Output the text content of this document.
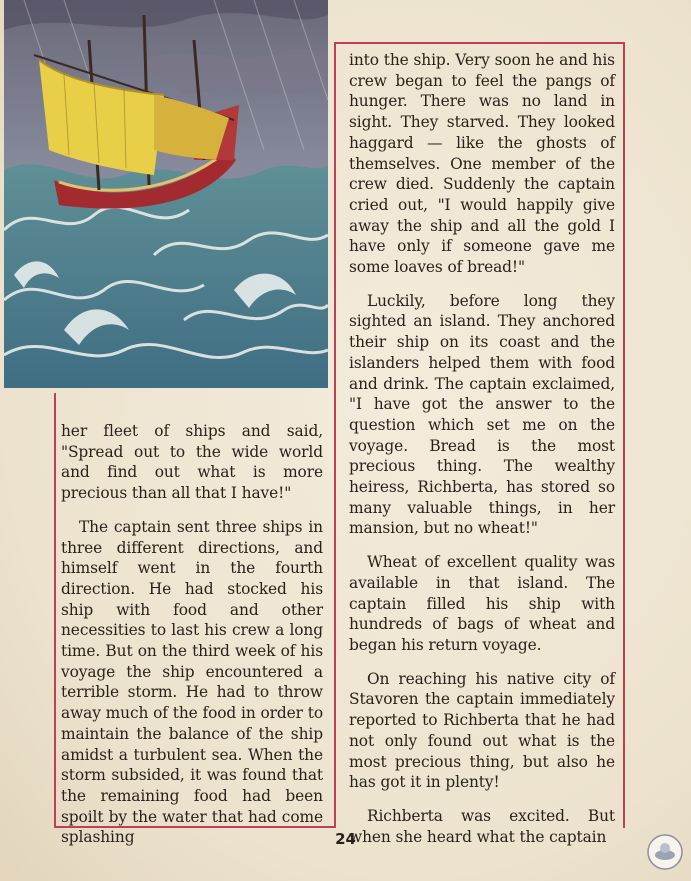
her fleet of ships and said, "Spread out to the wide world and find out what is more precious than all that I have!"

The captain sent three ships in three different directions, and himself went in the fourth direction. He had stocked his ship with food and other necessities to last his crew a long time. But on the third week of his voyage the ship encountered a terrible storm. He had to throw away much of the food in order to maintain the balance of the ship amidst a turbulent sea. When the storm subsided, it was found that the remaining food had been spoilt by the water that had come splashing

into the ship. Very soon he and his crew began to feel the pangs of hunger. There was no land in sight. They starved. They looked haggard — like the ghosts of themselves. One member of the crew died. Suddenly the captain cried out, "I would happily give away the ship and all the gold I have only if someone gave me some loaves of bread!"

Luckily, before long they sighted an island. They anchored their ship on its coast and the islanders helped them with food and drink. The captain exclaimed, "I have got the answer to the question which set me on the voyage. Bread is the most precious thing. The wealthy heiress, Richberta, has stored so many valuable things, in her mansion, but no wheat!"

Wheat of excellent quality was available in that island. The captain filled his ship with hundreds of bags of wheat and began his return voyage.

On reaching his native city of Stavoren the captain immediately reported to Richberta that he had not only found out what is the most precious thing, but also he has got it in plenty!

Richberta was excited. But when she heard what the captain

24
